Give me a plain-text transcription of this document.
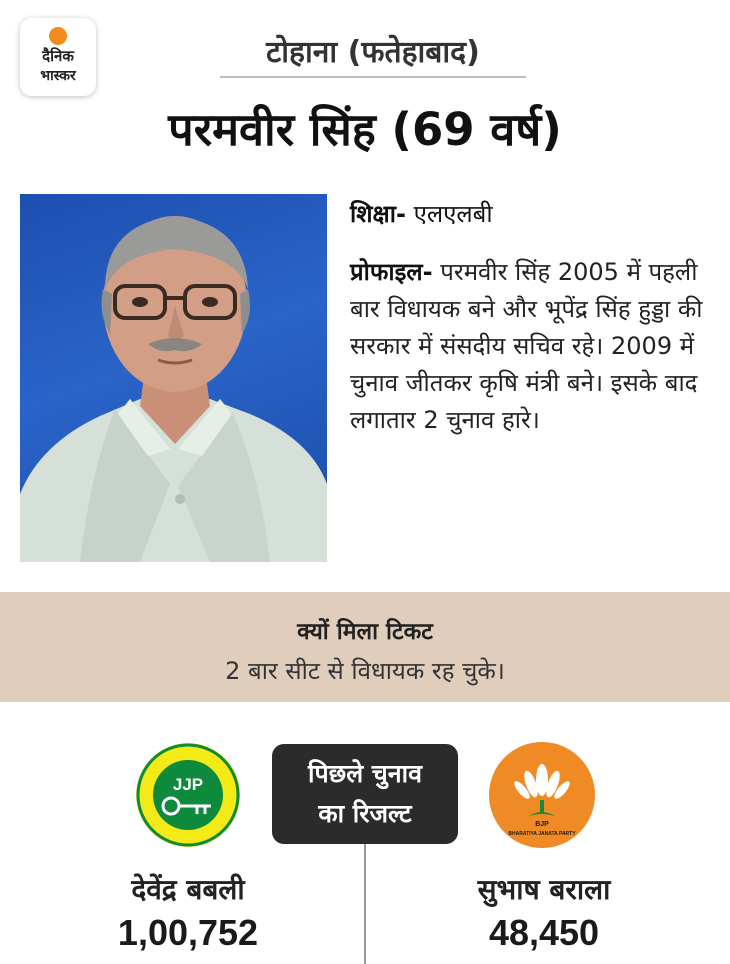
दैनिक
भास्कर
टोहाना (फतेहाबाद)
परमवीर सिंह (69 वर्ष)
शिक्षा- एलएलबी
प्रोफाइल- परमवीर सिंह 2005 में पहली बार विधायक बने और भूपेंद्र सिंह हुड्डा की सरकार में संसदीय सचिव रहे। 2009 में चुनाव जीतकर कृषि मंत्री बने। इसके बाद लगातार 2 चुनाव हारे।
क्यों मिला टिकट
2 बार सीट से विधायक रह चुके।
JJP	पिछले चुनाव
का रिजल्ट	BJP
BHARATIYA JANATA PARTY
देवेंद्र बबली
1,00,752
सुभाष बराला
48,450
